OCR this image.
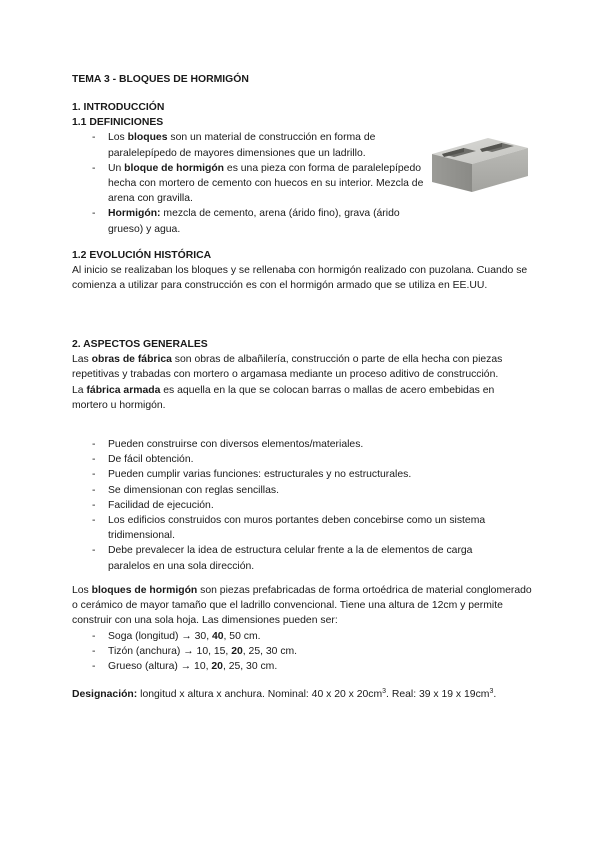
TEMA 3 - BLOQUES DE HORMIGÓN

1. INTRODUCCIÓN

1.1 DEFINICIONES

- Los bloques son un material de construcción en forma de paralelepípedo de mayores dimensiones que un ladrillo.
- Un bloque de hormigón es una pieza con forma de paralelepípedo hecha con mortero de cemento con huecos en su interior. Mezcla de arena con gravilla.
- Hormigón: mezcla de cemento, arena (árido fino), grava (árido grueso) y agua.

1.2 EVOLUCIÓN HISTÓRICA

Al inicio se realizaban los bloques y se rellenaba con hormigón realizado con puzolana. Cuando se comienza a utilizar para construcción es con el hormigón armado que se utiliza en EE.UU.

2. ASPECTOS GENERALES

Las obras de fábrica son obras de albañilería, construcción o parte de ella hecha con piezas repetitivas y trabadas con mortero o argamasa mediante un proceso aditivo de construcción.

La fábrica armada es aquella en la que se colocan barras o mallas de acero embebidas en mortero u hormigón.

- Pueden construirse con diversos elementos/materiales.
- De fácil obtención.
- Pueden cumplir varias funciones: estructurales y no estructurales.
- Se dimensionan con reglas sencillas.
- Facilidad de ejecución.
- Los edificios construidos con muros portantes deben concebirse como un sistema tridimensional.
- Debe prevalecer la idea de estructura celular frente a la de elementos de carga paralelos en una sola dirección.

Los bloques de hormigón son piezas prefabricadas de forma ortoédrica de material conglomerado o cerámico de mayor tamaño que el ladrillo convencional. Tiene una altura de 12cm y permite construir con una sola hoja. Las dimensiones pueden ser:

- Soga (longitud) → 30, 40, 50 cm.
- Tizón (anchura) → 10, 15, 20, 25, 30 cm.
- Grueso (altura) → 10, 20, 25, 30 cm.

Designación: longitud x altura x anchura. Nominal: 40 x 20 x $20cm^3$. Real: 39 x 19 x $19cm^3$.
